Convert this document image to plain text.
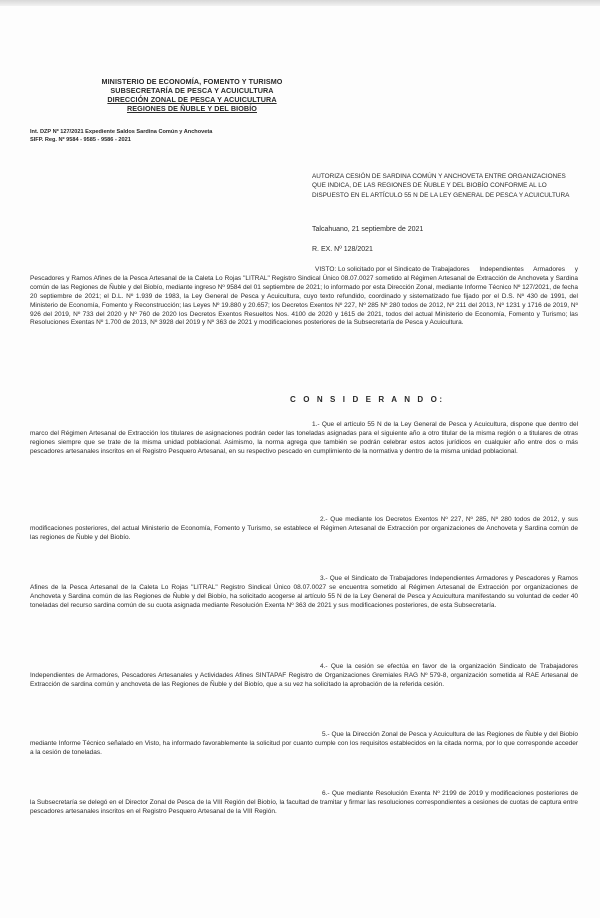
MINISTERIO DE ECONOMÍA, FOMENTO Y TURISMO
SUBSECRETARÍA DE PESCA Y ACUICULTURA
DIRECCIÓN ZONAL DE PESCA Y ACUICULTURA
REGIONES DE ÑUBLE Y DEL BIOBÍO
Int. DZP Nº 127/2021 Expediente Saldos Sardina Común y Anchoveta
SIFP. Reg. Nº 9584 - 9585 - 9586 - 2021
AUTORIZA CESIÓN DE SARDINA COMÚN Y ANCHOVETA ENTRE ORGANIZACIONES QUE INDICA, DE LAS REGIONES DE ÑUBLE Y DEL BIOBÍO CONFORME AL LO DISPUESTO EN EL ARTÍCULO 55 N DE LA LEY GENERAL DE PESCA Y ACUICULTURA
Talcahuano, 21 septiembre de 2021
R. EX. Nº 128/2021
VISTO: Lo solicitado por el Sindicato de Trabajadores Independientes Armadores y Pescadores y Ramos Afines de la Pesca Artesanal de la Caleta Lo Rojas "LITRAL" Registro Sindical Único 08.07.0027 sometido al Régimen Artesanal de Extracción de Anchoveta y Sardina común de las Regiones de Ñuble y del Biobío, mediante ingreso Nº 9584 del 01 septiembre de 2021; lo informado por esta Dirección Zonal, mediante Informe Técnico Nº 127/2021, de fecha 20 septiembre de 2021; el D.L. Nº 1.939 de 1983, la Ley General de Pesca y Acuicultura, cuyo texto refundido, coordinado y sistematizado fue fijado por el D.S. Nº 430 de 1991, del Ministerio de Economía, Fomento y Reconstrucción; las Leyes Nº 19.880 y 20.657; los Decretos Exentos Nº 227, Nº 285 Nº 280 todos de 2012, Nº 211 del 2013, Nº 1231 y 1716 de 2019, Nº 926 del 2019, Nº 733 del 2020 y Nº 760 de 2020 los Decretos Exentos Resueltos Nos. 4100 de 2020 y 1615 de 2021, todos del actual Ministerio de Economía, Fomento y Turismo; las Resoluciones Exentas Nº 1.700 de 2013, Nº 3928 del 2019 y Nº 363 de 2021 y modificaciones posteriores de la Subsecretaría de Pesca y Acuicultura.
C O N S I D E R A N D O:
1.- Que el artículo 55 N de la Ley General de Pesca y Acuicultura, dispone que dentro del marco del Régimen Artesanal de Extracción los titulares de asignaciones podrán ceder las toneladas asignadas para el siguiente año a otro titular de la misma región o a titulares de otras regiones siempre que se trate de la misma unidad poblacional. Asimismo, la norma agrega que también se podrán celebrar estos actos jurídicos en cualquier año entre dos o más pescadores artesanales inscritos en el Registro Pesquero Artesanal, en su respectivo pescado en cumplimiento de la normativa y dentro de la misma unidad poblacional.
2.- Que mediante los Decretos Exentos Nº 227, Nº 285, Nº 280 todos de 2012, y sus modificaciones posteriores, del actual Ministerio de Economía, Fomento y Turismo, se establece el Régimen Artesanal de Extracción por organizaciones de Anchoveta y Sardina común de las regiones de Ñuble y del Biobío.
3.- Que el Sindicato de Trabajadores Independientes Armadores y Pescadores y Ramos Afines de la Pesca Artesanal de la Caleta Lo Rojas "LITRAL" Registro Sindical Único 08.07.0027 se encuentra sometido al Régimen Artesanal de Extracción por organizaciones de Anchoveta y Sardina común de las Regiones de Ñuble y del Biobío, ha solicitado acogerse al artículo 55 N de la Ley General de Pesca y Acuicultura manifestando su voluntad de ceder 40 toneladas del recurso sardina común de su cuota asignada mediante Resolución Exenta Nº 363 de 2021 y sus modificaciones posteriores, de esta Subsecretaría.
4.- Que la cesión se efectúa en favor de la organización Sindicato de Trabajadores Independientes de Armadores, Pescadores Artesanales y Actividades Afines SINTAPAF Registro de Organizaciones Gremiales RAG Nº 579-8, organización sometida al RAE Artesanal de Extracción de sardina común y anchoveta de las Regiones de Ñuble y del Biobío, que a su vez ha solicitado la aprobación de la referida cesión.
5.- Que la Dirección Zonal de Pesca y Acuicultura de las Regiones de Ñuble y del Biobío mediante Informe Técnico señalado en Visto, ha informado favorablemente la solicitud por cuanto cumple con los requisitos establecidos en la citada norma, por lo que corresponde acceder a la cesión de toneladas.
6.- Que mediante Resolución Exenta Nº 2199 de 2019 y modificaciones posteriores de la Subsecretaría se delegó en el Director Zonal de Pesca de la VIII Región del Biobío, la facultad de tramitar y firmar las resoluciones correspondientes a cesiones de cuotas de captura entre pescadores artesanales inscritos en el Registro Pesquero Artesanal de la VIII Región.
